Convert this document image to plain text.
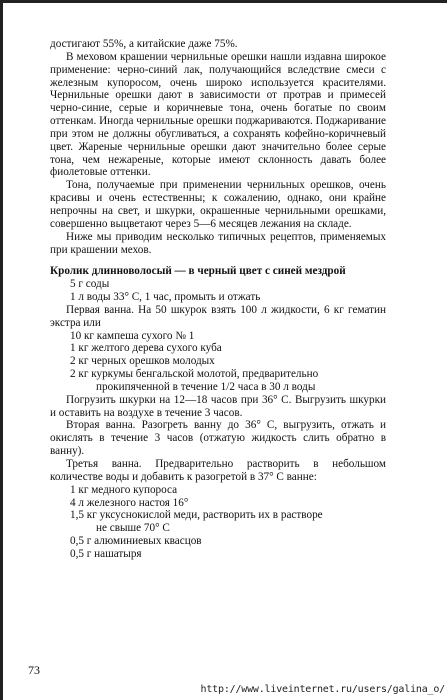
достигают 55%, а китайские даже 75%.

В меховом крашении чернильные орешки нашли издавна широкое применение: черно-синий лак, получающийся вследствие смеси с железным купоросом, очень широко используется красителями. Чернильные орешки дают в зависимости от протрав и примесей черно-синие, серые и коричневые тона, очень богатые по своим оттенкам. Иногда чернильные орешки поджариваются. Поджаривание при этом не должны обугливаться, а сохранять кофейно-коричневый цвет. Жареные чернильные орешки дают значительно более серые тона, чем нежареные, которые имеют склонность давать более фиолетовые оттенки.

Тона, получаемые при применении чернильных орешков, очень красивы и очень естественны; к сожалению, однако, они крайне непрочны на свет, и шкурки, окрашенные чернильными орешками, совершенно выцветают через 5—6 месяцев лежания на складе.

Ниже мы приводим несколько типичных рецептов, применяемых при крашении мехов.

Кролик длинноволосый — в черный цвет с синей мездрой

5 г соды

1 л воды 33° С, 1 час, промыть и отжать

Первая ванна. На 50 шкурок взять 100 л жидкости, 6 кг гематин экстра или

10 кг кампеша сухого № 1

1 кг желтого дерева сухого куба

2 кг черных орешков молодых

2 кг куркумы бенгальской молотой, предварительно
прокипяченной в течение 1/2 часа в 30 л воды

Погрузить шкурки на 12—18 часов при 36° С. Выгрузить шкурки и оставить на воздухе в течение 3 часов.

Вторая ванна. Разогреть ванну до 36° С, выгрузить, отжать и окислять в течение 3 часов (отжатую жидкость слить обратно в ванну).

Третья ванна. Предварительно растворить в небольшом количестве воды и добавить к разогретой в 37° С ванне:

1 кг медного купороса

4 л железного настоя 16°

1,5 кг уксуснокислой меди, растворить их в растворе
не свыше 70° С

0,5 г алюминиевых квасцов

0,5 г нашатыря

73
http://www.liveinternet.ru/users/galina_o/
